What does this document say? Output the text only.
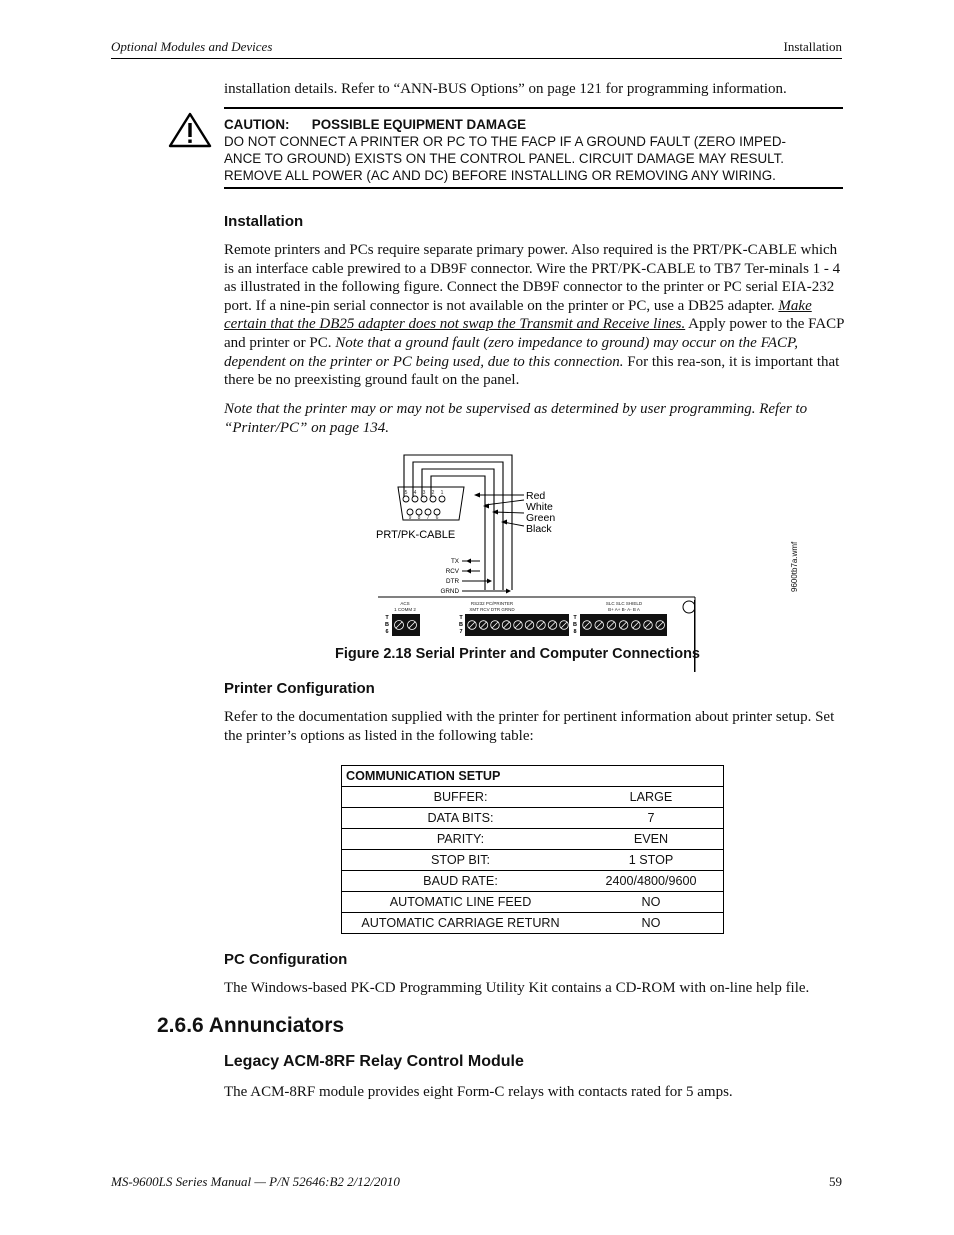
Optional Modules and Devices	Installation
installation details. Refer to “ANN-BUS Options” on page 121 for programming information.
CAUTION: POSSIBLE EQUIPMENT DAMAGE
DO NOT CONNECT A PRINTER OR PC TO THE FACP IF A GROUND FAULT (ZERO IMPED-
ANCE TO GROUND) EXISTS ON THE CONTROL PANEL. CIRCUIT DAMAGE MAY RESULT.
REMOVE ALL POWER (AC AND DC) BEFORE INSTALLING OR REMOVING ANY WIRING.
Installation
Remote printers and PCs require separate primary power. Also required is the PRT/PK-CABLE which is an interface cable prewired to a DB9F connector. Wire the PRT/PK-CABLE to TB7 Ter-minals 1 - 4 as illustrated in the following figure. Connect the DB9F connector to the printer or PC serial EIA-232 port. If a nine-pin serial connector is not available on the printer or PC, use a DB25 adapter. Make certain that the DB25 adapter does not swap the Transmit and Receive lines. Apply power to the FACP and printer or PC. Note that a ground fault (zero impedance to ground) may occur on the FACP, dependent on the printer or PC being used, due to this connection. For this rea-son, it is important that there be no preexisting ground fault on the panel.
Note that the printer may or may not be supervised as determined by user programming. Refer to “Printer/PC” on page 134.
5 4 3 2 1
9 8 7 6
PRT/PK-CABLE
Red
White
Green
Black
TX
RCV
DTR
GRND
ACS
1 COMM 2
T
B
6
RS232 PC/PRINTER
XMT RCV DTR GRND
T
B
7
SLC SLC SHIELD
B+ A+ B- A- B A
T
B
8
9600tb7a.wmf
Figure 2.18 Serial Printer and Computer Connections
Printer Configuration
Refer to the documentation supplied with the printer for pertinent information about printer setup. Set the printer’s options as listed in the following table:
COMMUNICATION SETUP	
BUFFER:	LARGE
DATA BITS:	7
PARITY:	EVEN
STOP BIT:	1 STOP
BAUD RATE:	2400/4800/9600
AUTOMATIC LINE FEED	NO
AUTOMATIC CARRIAGE RETURN	NO
PC Configuration
The Windows-based PK-CD Programming Utility Kit contains a CD-ROM with on-line help file.
2.6.6 Annunciators
Legacy ACM-8RF Relay Control Module
The ACM-8RF module provides eight Form-C relays with contacts rated for 5 amps.
MS-9600LS Series Manual — P/N 52646:B2 2/12/2010	59
